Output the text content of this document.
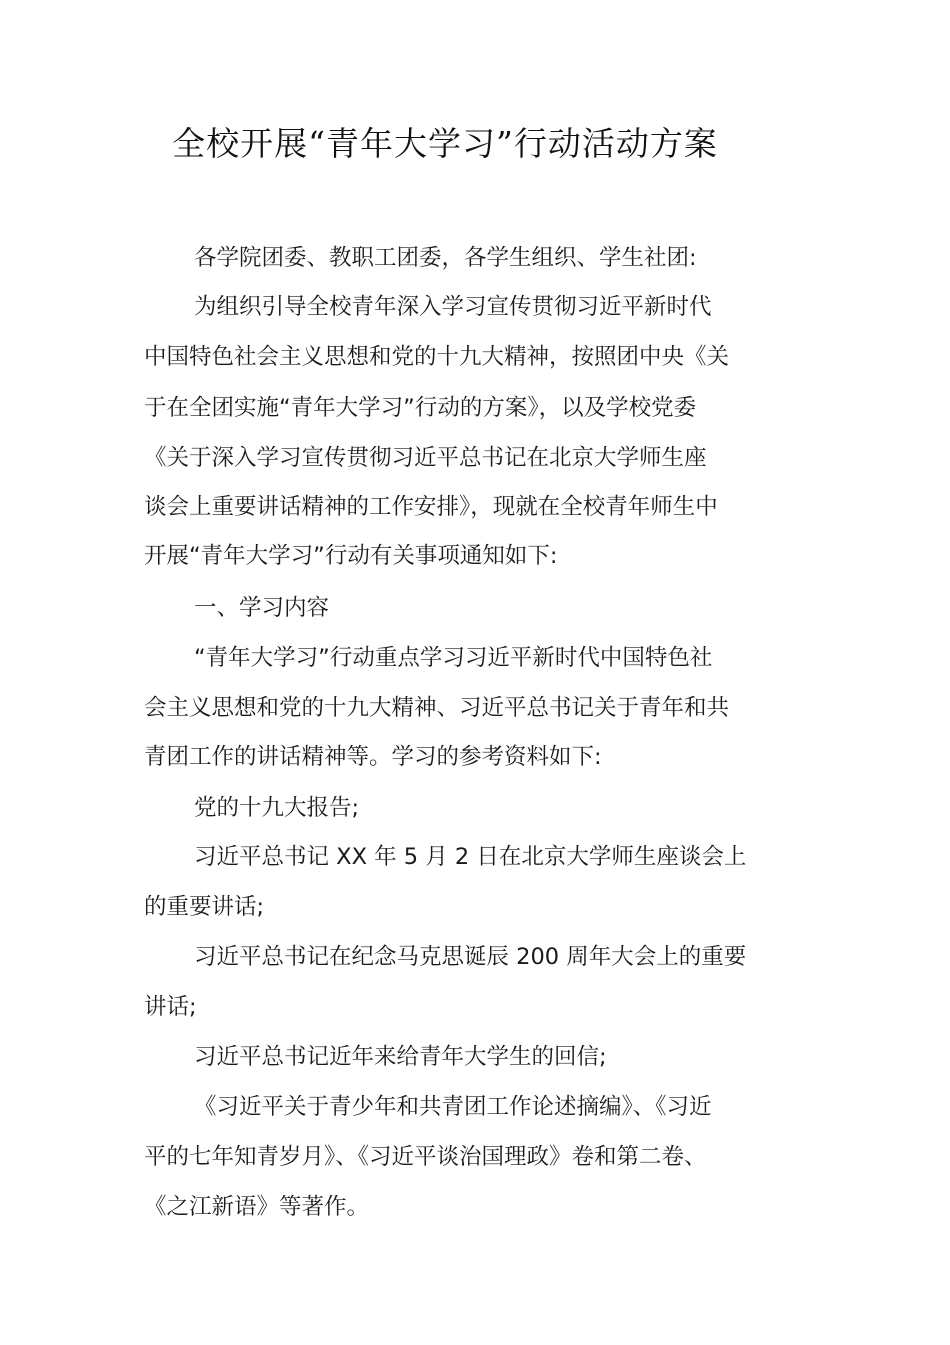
全校开展“青年大学习”行动活动方案
各学院团委、教职工团委，各学生组织、学生社团:
为组织引导全校青年深入学习宣传贯彻习近平新时代
中国特色社会主义思想和党的十九大精神，按照团中央《关
于在全团实施“青年大学习”行动的方案》，以及学校党委
《关于深入学习宣传贯彻习近平总书记在北京大学师生座
谈会上重要讲话精神的工作安排》，现就在全校青年师生中
开展“青年大学习”行动有关事项通知如下:
一、学习内容
“青年大学习”行动重点学习习近平新时代中国特色社
会主义思想和党的十九大精神、习近平总书记关于青年和共
青团工作的讲话精神等。学习的参考资料如下:
党的十九大报告;
习近平总书记 XX 年 5 月 2 日在北京大学师生座谈会上
的重要讲话;
习近平总书记在纪念马克思诞辰 200 周年大会上的重要
讲话;
习近平总书记近年来给青年大学生的回信;
《习近平关于青少年和共青团工作论述摘编》、《习近
平的七年知青岁月》、《习近平谈治国理政》卷和第二卷、
《之江新语》等著作。
